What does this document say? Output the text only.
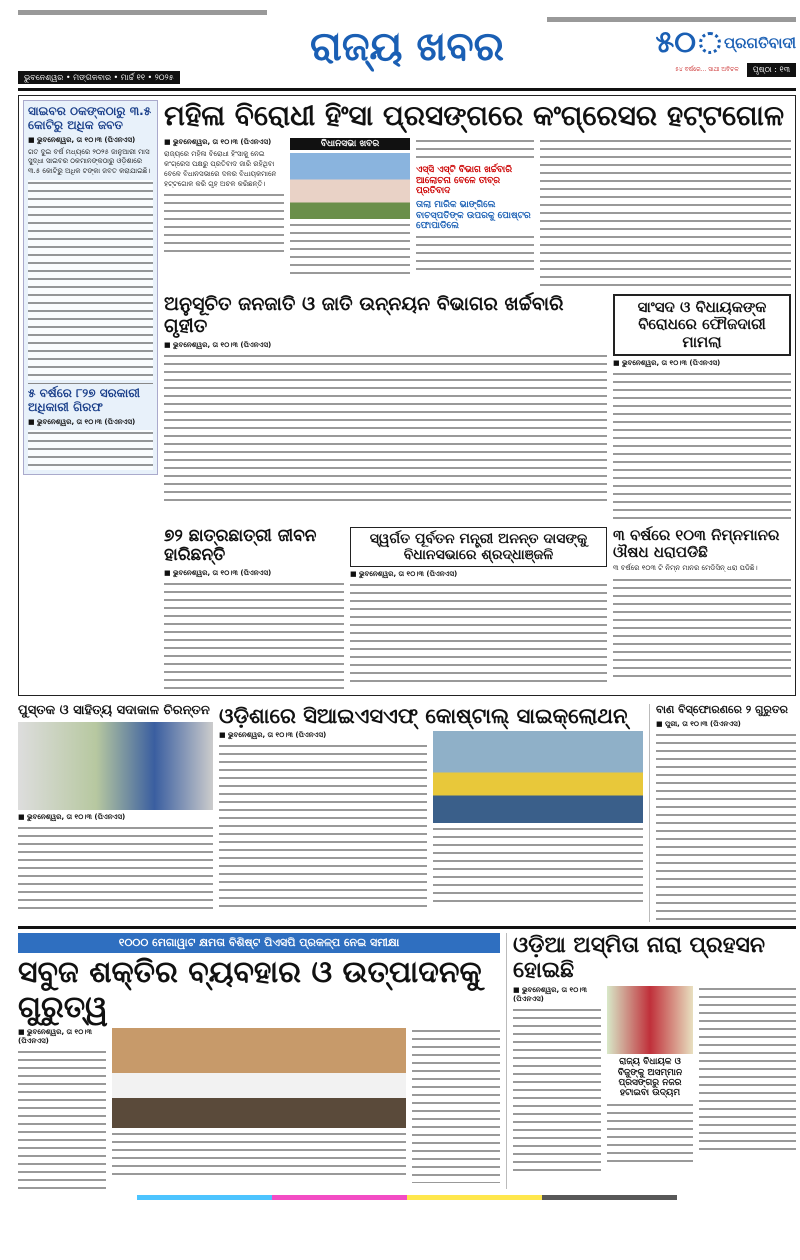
ଭୁବନେଶ୍ୱର • ମଙ୍ଗଳବାର • ମାର୍ଚ୍ଚ ୧୧ • ୨୦୨୫
ରାଜ୍ୟ ଖବର	୫୦ ପ୍ରଗତିବାଦୀ
୫୪ ବର୍ଷରେ... ସାଥୀ ଅବିଚଳ	ପୃଷ୍ଠା : ୧୩
ସାଇବର ଠକଙ୍କଠାରୁ ୩.୫ କୋଟିରୁ ଅଧିକ ଜବତ
■ ଭୁବନେଶ୍ୱର, ତା ୧୦।୩ (ପିଏନଏସ)
ଗତ ଦୁଇ ବର୍ଷ ମଧ୍ୟରେ ୨୦୨୫ ଜାନୁଆରୀ ମାସ ସୁଦ୍ଧା ସାଇବର ଠକମାନଙ୍କଠାରୁ ଓଡ଼ିଶାରେ ୩.୫ କୋଟିରୁ ଅଧିକ ଟଙ୍କା ଜବତ କରାଯାଇଛି।
୫ ବର୍ଷରେ ୮୨୭ ସରକାରୀ ଅଧିକାରୀ ଗିରଫ
■ ଭୁବନେଶ୍ୱର, ତା ୧୦।୩ (ପିଏନଏସ)
ମହିଳା ବିରୋଧୀ ହିଂସା ପ୍ରସଙ୍ଗରେ କଂଗ୍ରେସର ହଟ୍ଟଗୋଳ
■ ଭୁବନେଶ୍ୱର, ତା ୧୦।୩ (ପିଏନଏସ)
ରାଜ୍ୟରେ ମହିଳା ବିରୋଧୀ ହିଂସାକୁ ନେଇ କଂଗ୍ରେସ ପକ୍ଷରୁ ପ୍ରତିବାଦ ଜାରି ରହିଥିବା ବେଳେ ବିଧାନସଭାରେ ଦଳର ବିଧାୟକମାନେ ହଟ୍ଟଗୋଳ କରି ଗୃହ ଅଚଳ କରିଛନ୍ତି।
ବିଧାନସଭା ଖବର
ଏସ୍‌ସି ଏସ୍‌ଟି ବିଭାଗ ଖର୍ଚ୍ଚବାରି ଆଲୋଚନା ବେଳେ ତୀବ୍ର ପ୍ରତିବାଦ
ତାଲା ମାରିକ ଭାଙ୍ଗିଲେ ବାଚସ୍ପତିଙ୍କ ଉପରକୁ ପୋଷ୍ଟର ଫୋପାଡିଲେ
ଅନୁସୂଚିତ ଜନଜାତି ଓ ଜାତି ଉନ୍ନୟନ ବିଭାଗର ଖର୍ଚ୍ଚବାରି ଗୃହୀତ
■ ଭୁବନେଶ୍ୱର, ତା ୧୦।୩ (ପିଏନଏସ)
ସାଂସଦ ଓ ବିଧାୟକଙ୍କ ବିରୋଧରେ ଫୌଜଦାରୀ ମାମଲା
■ ଭୁବନେଶ୍ୱର, ତା ୧୦।୩ (ପିଏନଏସ)
୭୨ ଛାତ୍ରଛାତ୍ରୀ ଜୀବନ ହାରିଛନ୍ତି
■ ଭୁବନେଶ୍ୱର, ତା ୧୦।୩ (ପିଏନଏସ)
ସ୍ୱର୍ଗତ ପୂର୍ବତନ ମନ୍ତ୍ରୀ ଅନନ୍ତ ଦାସଙ୍କୁ ବିଧାନସଭାରେ ଶ୍ରଦ୍ଧାଞ୍ଜଳି
■ ଭୁବନେଶ୍ୱର, ତା ୧୦।୩ (ପିଏନଏସ)
୩ ବର୍ଷରେ ୧୦୩ ନିମ୍ନମାନର ଔଷଧ ଧରାପଡିଛି
୩ ବର୍ଷରେ ୧୦୩ ଟି ନିମ୍ନ ମାନର ମେଡିସିନ୍ ଧରା ପଡିଛି।
ପୁସ୍ତକ ଓ ସାହିତ୍ୟ ସଦାକାଳ ଚିରନ୍ତନ
■ ଭୁବନେଶ୍ୱର, ତା ୧୦।୩ (ପିଏନଏସ)
ଓଡ଼ିଶାରେ ସିଆଇଏସଏଫ୍ କୋଷ୍ଟାଲ୍ ସାଇକ୍ଲୋଥନ୍
■ ଭୁବନେଶ୍ୱର, ତା ୧୦।୩ (ପିଏନଏସ)
ବାଣ ବିସ୍ଫୋରଣରେ ୨ ଗୁରୁତର
■ ପୁରୀ, ତା ୧୦।୩ (ପିଏନଏସ)
୧୦୦୦ ମେଗାୱାଟ କ୍ଷମତା ବିଶିଷ୍ଟ ପିଏସପି ପ୍ରକଳ୍ପ ନେଇ ସମୀକ୍ଷା
ସବୁଜ ଶକ୍ତିର ବ୍ୟବହାର ଓ ଉତ୍ପାଦନକୁ ଗୁରୁତ୍ୱ
■ ଭୁବନେଶ୍ୱର, ତା ୧୦।୩ (ପିଏନଏସ)
ଓଡ଼ିଆ ଅସ୍ମିତା ନାରା ପ୍ରହସନ ହୋଇଛି
■ ଭୁବନେଶ୍ୱର, ତା ୧୦।୩ (ପିଏନଏସ)
ରାଜ୍ୟ ବିଧାୟକ ଓ ବିଜୁଙ୍କୁ ଅସମ୍ମାନ ପ୍ରସଙ୍ଗରୁ ନଜର ହଟାଇବା ଉଦ୍ୟମ
